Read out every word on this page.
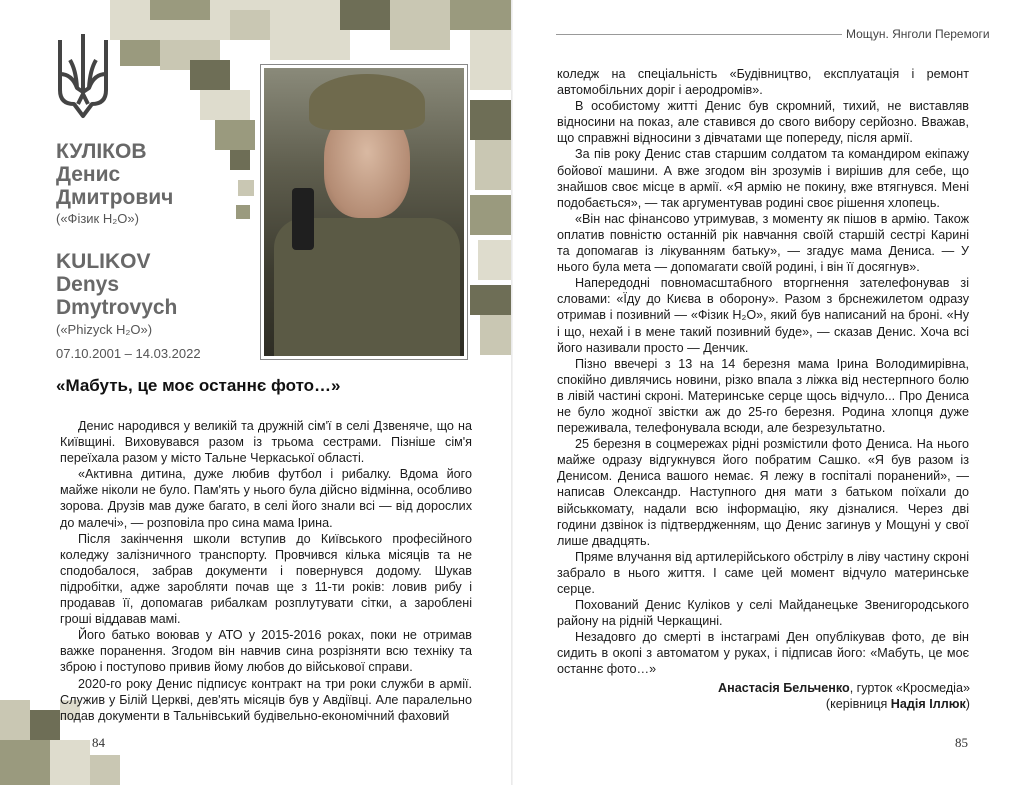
КУЛІКОВ
Денис
Дмитрович
(«Фізик H₂O»)
KULIKOV
Denys
Dmytrovych
(«Phizyck H₂O»)
07.10.2001 – 14.03.2022
«Мабуть, це моє останнє фото…»

Денис народився у великій та дружній сім'ї в селі Дзвеняче, що на Київщині. Виховувався разом із трьома сестрами. Пізніше сім'я переїхала разом у місто Тальне Черкаської області.

«Активна дитина, дуже любив футбол і рибалку. Вдома його майже ніколи не було. Пам'ять у нього була дійсно відмінна, особливо зорова. Друзів мав дуже багато, в селі його знали всі — від дорослих до малечі», — розповіла про сина мама Ірина.

Після закінчення школи вступив до Київського професійного коледжу залізничного транспорту. Провчився кілька місяців та не сподобалося, забрав документи і повернувся додому. Шукав підробітки, адже заробляти почав ще з 11-ти років: ловив рибу і продавав її, допомагав рибалкам розплутувати сітки, а зароблені гроші віддавав мамі.

Його батько воював у АТО у 2015-2016 роках, поки не отримав важке поранення. Згодом він навчив сина розрізняти всю техніку та зброю і поступово привив йому любов до військової справи.

2020-го року Денис підписує контракт на три роки служби в армії. Служив у Білій Церкві, дев'ять місяців був у Авдіївці. Але паралельно подав документи в Тальнівський будівельно-економічний фаховий

84
Мощун. Янголи Перемоги

коледж на спеціальність «Будівництво, експлуатація і ремонт автомобільних доріг і аеродромів».

В особистому житті Денис був скромний, тихий, не виставляв відносини на показ, але ставився до свого вибору серйозно. Вважав, що справжні відносини з дівчатами ще попереду, після армії.

За пів року Денис став старшим солдатом та командиром екіпажу бойової машини. А вже згодом він зрозумів і вирішив для себе, що знайшов своє місце в армії. «Я армію не покину, вже втягнувся. Мені подобається», — так аргументував родині своє рішення хлопець.

«Він нас фінансово утримував, з моменту як пішов в армію. Також оплатив повністю останній рік навчання своїй старшій сестрі Карині та допомагав із лікуванням батьку», — згадує мама Дениса. — У нього була мета — допомагати своїй родині, і він її досягнув».

Напередодні повномасштабного вторгнення зателефонував зі словами: «Їду до Києва в оборону». Разом з брснежилетом одразу отримав і позивний — «Фізик H₂O», який був написаний на броні. «Ну і що, нехай і в мене такий позивний буде», — сказав Денис. Хоча всі його називали просто — Денчик.

Пізно ввечері з 13 на 14 березня мама Ірина Володимирівна, спокійно дивлячись новини, різко впала з ліжка від нестерпного болю в лівій частині скроні. Материнське серце щось відчуло... Про Дениса не було жодної звістки аж до 25-го березня. Родина хлопця дуже переживала, телефонувала всюди, але безрезультатно.

25 березня в соцмережах рідні розмістили фото Дениса. На нього майже одразу відгукнувся його побратим Сашко. «Я був разом із Денисом. Дениса вашого немає. Я лежу в госпіталі поранений», — написав Олександр. Наступного дня мати з батьком поїхали до військкомату, надали всю інформацію, яку дізналися. Через дві години дзвінок із підтвердженням, що Денис загинув у Мощуні у свої лише двадцять.

Пряме влучання від артилерійського обстрілу в ліву частину скроні забрало в нього життя. І саме цей момент відчуло материнське серце.

Похований Денис Куліков у селі Майданецьке Звенигородського району на рідній Черкащині.

Незадовго до смерті в інстаграмі Ден опублікував фото, де він сидить в окопі з автоматом у руках, і підписав його: «Мабуть, це моє останнє фото…»

Анастасія Бельченко, гурток «Кросмедіа»
(керівниця Надія Іллюк)
85
